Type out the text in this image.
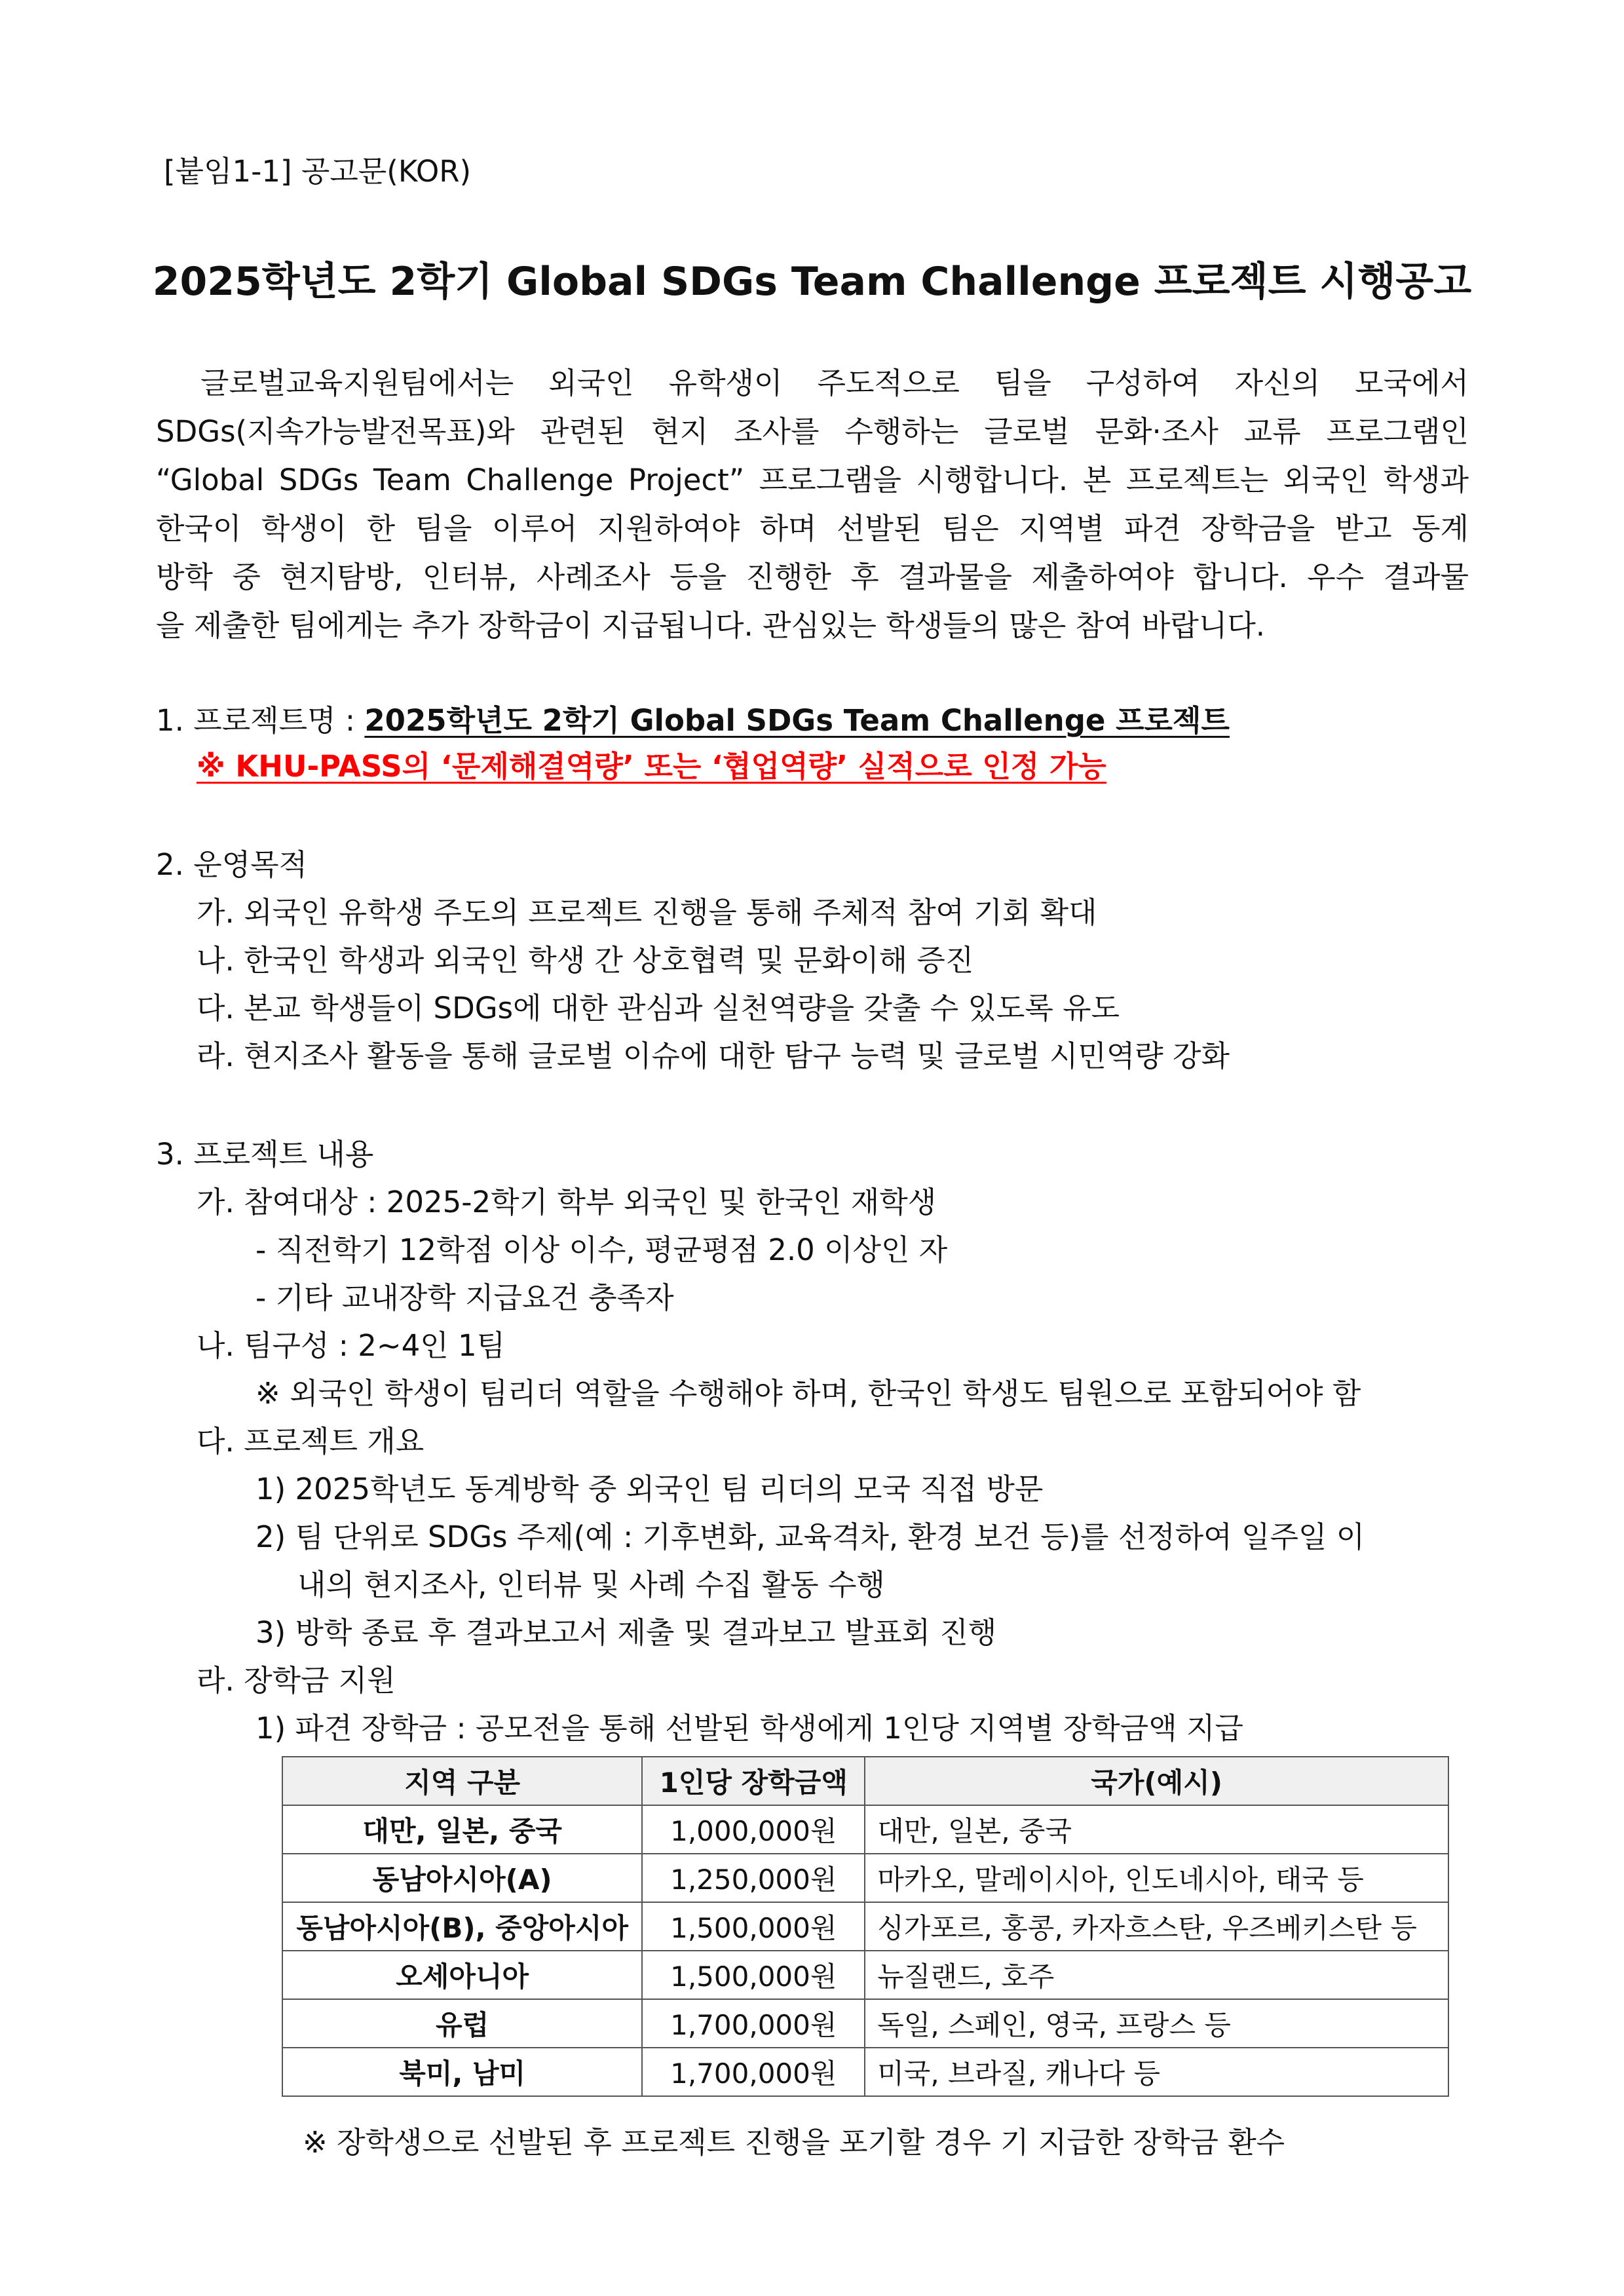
[붙임1-1] 공고문(KOR)
2025학년도 2학기 Global SDGs Team Challenge 프로젝트 시행공고
글로벌교육지원팀에서는 외국인 유학생이 주도적으로 팀을 구성하여 자신의 모국에서
SDGs(지속가능발전목표)와 관련된 현지 조사를 수행하는 글로벌 문화·조사 교류 프로그램인
“Global SDGs Team Challenge Project” 프로그램을 시행합니다. 본 프로젝트는 외국인 학생과
한국이 학생이 한 팀을 이루어 지원하여야 하며 선발된 팀은 지역별 파견 장학금을 받고 동계
방학 중 현지탐방, 인터뷰, 사례조사 등을 진행한 후 결과물을 제출하여야 합니다. 우수 결과물
을 제출한 팀에게는 추가 장학금이 지급됩니다. 관심있는 학생들의 많은 참여 바랍니다.
1. 프로젝트명 : 2025학년도 2학기 Global SDGs Team Challenge 프로젝트
※ KHU-PASS의 ‘문제해결역량’ 또는 ‘협업역량’ 실적으로 인정 가능
2. 운영목적
가. 외국인 유학생 주도의 프로젝트 진행을 통해 주체적 참여 기회 확대
나. 한국인 학생과 외국인 학생 간 상호협력 및 문화이해 증진
다. 본교 학생들이 SDGs에 대한 관심과 실천역량을 갖출 수 있도록 유도
라. 현지조사 활동을 통해 글로벌 이슈에 대한 탐구 능력 및 글로벌 시민역량 강화
3. 프로젝트 내용
가. 참여대상 : 2025-2학기 학부 외국인 및 한국인 재학생
- 직전학기 12학점 이상 이수, 평균평점 2.0 이상인 자
- 기타 교내장학 지급요건 충족자
나. 팀구성 : 2~4인 1팀
※ 외국인 학생이 팀리더 역할을 수행해야 하며, 한국인 학생도 팀원으로 포함되어야 함
다. 프로젝트 개요
1) 2025학년도 동계방학 중 외국인 팀 리더의 모국 직접 방문
2) 팀 단위로 SDGs 주제(예 : 기후변화, 교육격차, 환경 보건 등)를 선정하여 일주일 이
내의 현지조사, 인터뷰 및 사례 수집 활동 수행
3) 방학 종료 후 결과보고서 제출 및 결과보고 발표회 진행
라. 장학금 지원
1) 파견 장학금 : 공모전을 통해 선발된 학생에게 1인당 지역별 장학금액 지급
지역 구분	1인당 장학금액	국가(예시)
대만, 일본, 중국	1,000,000원	대만, 일본, 중국
동남아시아(A)	1,250,000원	마카오, 말레이시아, 인도네시아, 태국 등
동남아시아(B), 중앙아시아	1,500,000원	싱가포르, 홍콩, 카자흐스탄, 우즈베키스탄 등
오세아니아	1,500,000원	뉴질랜드, 호주
유럽	1,700,000원	독일, 스페인, 영국, 프랑스 등
북미, 남미	1,700,000원	미국, 브라질, 캐나다 등
※ 장학생으로 선발된 후 프로젝트 진행을 포기할 경우 기 지급한 장학금 환수
